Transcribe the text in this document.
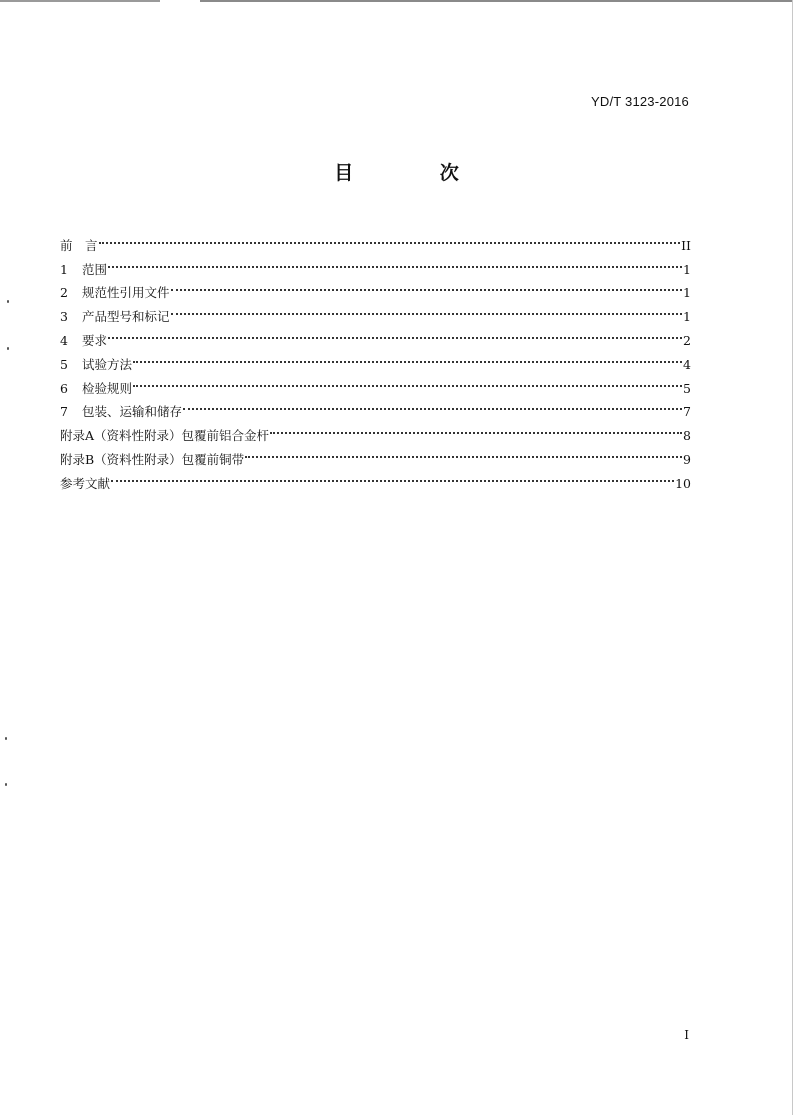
YD/T 3123-2016
目 次
前　言	II
1	范围	1
2	规范性引用文件	1
3	产品型号和标记	1
4	要求	2
5	试验方法	4
6	检验规则	5
7	包装、运输和储存	7
附录A（资料性附录）包覆前铝合金杆	8
附录B（资料性附录）包覆前铜带	9
参考文献	10
I
